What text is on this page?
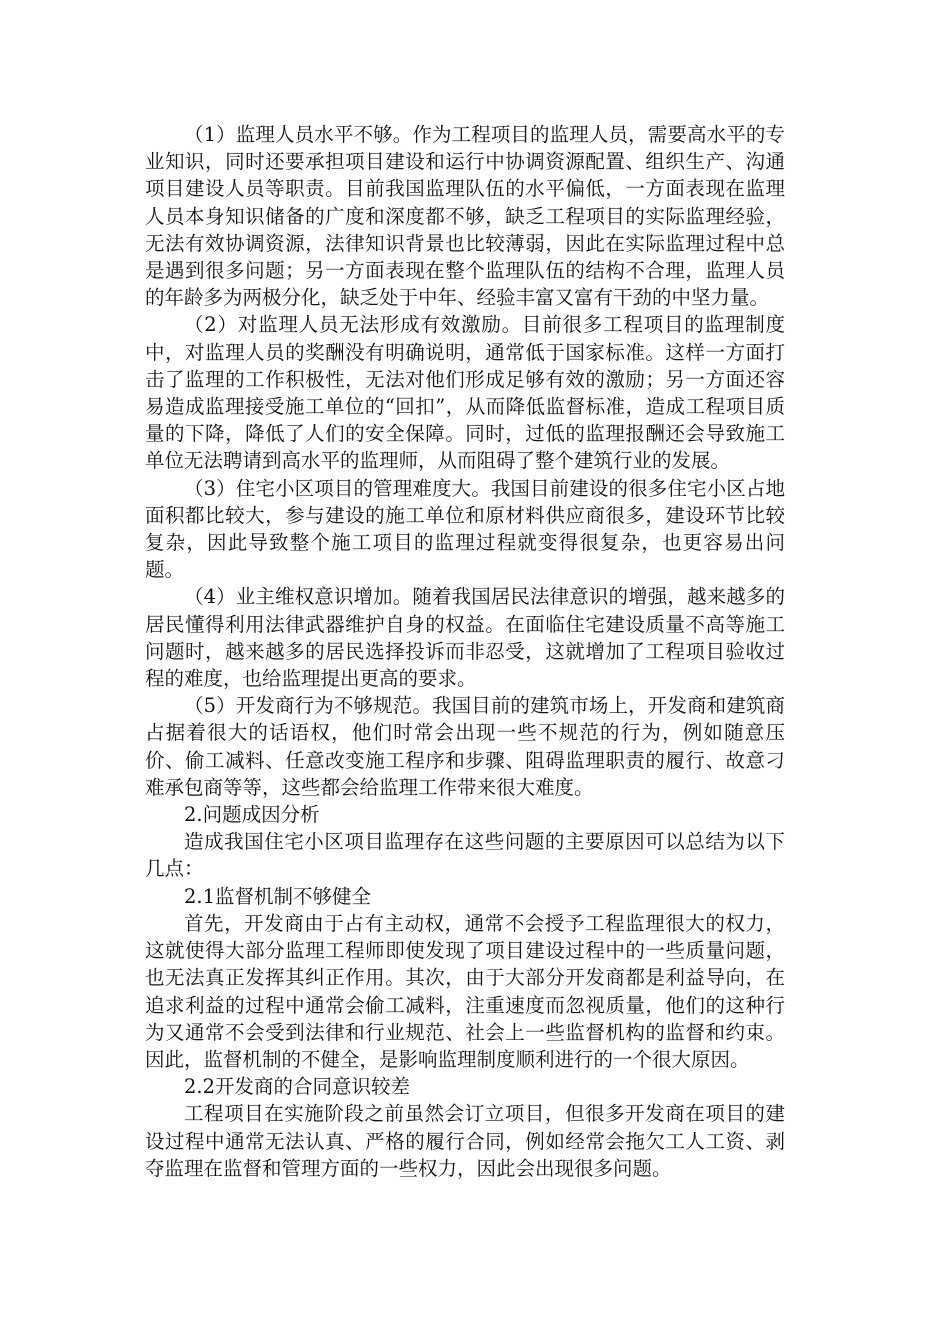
（1）监理人员水平不够。作为工程项目的监理人员，需要高水平的专业知识，同时还要承担项目建设和运行中协调资源配置、组织生产、沟通项目建设人员等职责。目前我国监理队伍的水平偏低，一方面表现在监理人员本身知识储备的广度和深度都不够，缺乏工程项目的实际监理经验，无法有效协调资源，法律知识背景也比较薄弱，因此在实际监理过程中总是遇到很多问题；另一方面表现在整个监理队伍的结构不合理，监理人员的年龄多为两极分化，缺乏处于中年、经验丰富又富有干劲的中坚力量。

（2）对监理人员无法形成有效激励。目前很多工程项目的监理制度中，对监理人员的奖酬没有明确说明，通常低于国家标准。这样一方面打击了监理的工作积极性，无法对他们形成足够有效的激励；另一方面还容易造成监理接受施工单位的“回扣”，从而降低监督标准，造成工程项目质量的下降，降低了人们的安全保障。同时，过低的监理报酬还会导致施工单位无法聘请到高水平的监理师，从而阻碍了整个建筑行业的发展。

（3）住宅小区项目的管理难度大。我国目前建设的很多住宅小区占地面积都比较大，参与建设的施工单位和原材料供应商很多，建设环节比较复杂，因此导致整个施工项目的监理过程就变得很复杂，也更容易出问题。

（4）业主维权意识增加。随着我国居民法律意识的增强，越来越多的居民懂得利用法律武器维护自身的权益。在面临住宅建设质量不高等施工问题时，越来越多的居民选择投诉而非忍受，这就增加了工程项目验收过程的难度，也给监理提出更高的要求。

（5）开发商行为不够规范。我国目前的建筑市场上，开发商和建筑商占据着很大的话语权，他们时常会出现一些不规范的行为，例如随意压价、偷工减料、任意改变施工程序和步骤、阻碍监理职责的履行、故意刁难承包商等等，这些都会给监理工作带来很大难度。

2.问题成因分析

造成我国住宅小区项目监理存在这些问题的主要原因可以总结为以下几点：

2.1监督机制不够健全

首先，开发商由于占有主动权，通常不会授予工程监理很大的权力，这就使得大部分监理工程师即使发现了项目建设过程中的一些质量问题，也无法真正发挥其纠正作用。其次，由于大部分开发商都是利益导向，在追求利益的过程中通常会偷工减料，注重速度而忽视质量，他们的这种行为又通常不会受到法律和行业规范、社会上一些监督机构的监督和约束。因此，监督机制的不健全，是影响监理制度顺利进行的一个很大原因。

2.2开发商的合同意识较差

工程项目在实施阶段之前虽然会订立项目，但很多开发商在项目的建设过程中通常无法认真、严格的履行合同，例如经常会拖欠工人工资、剥夺监理在监督和管理方面的一些权力，因此会出现很多问题。
